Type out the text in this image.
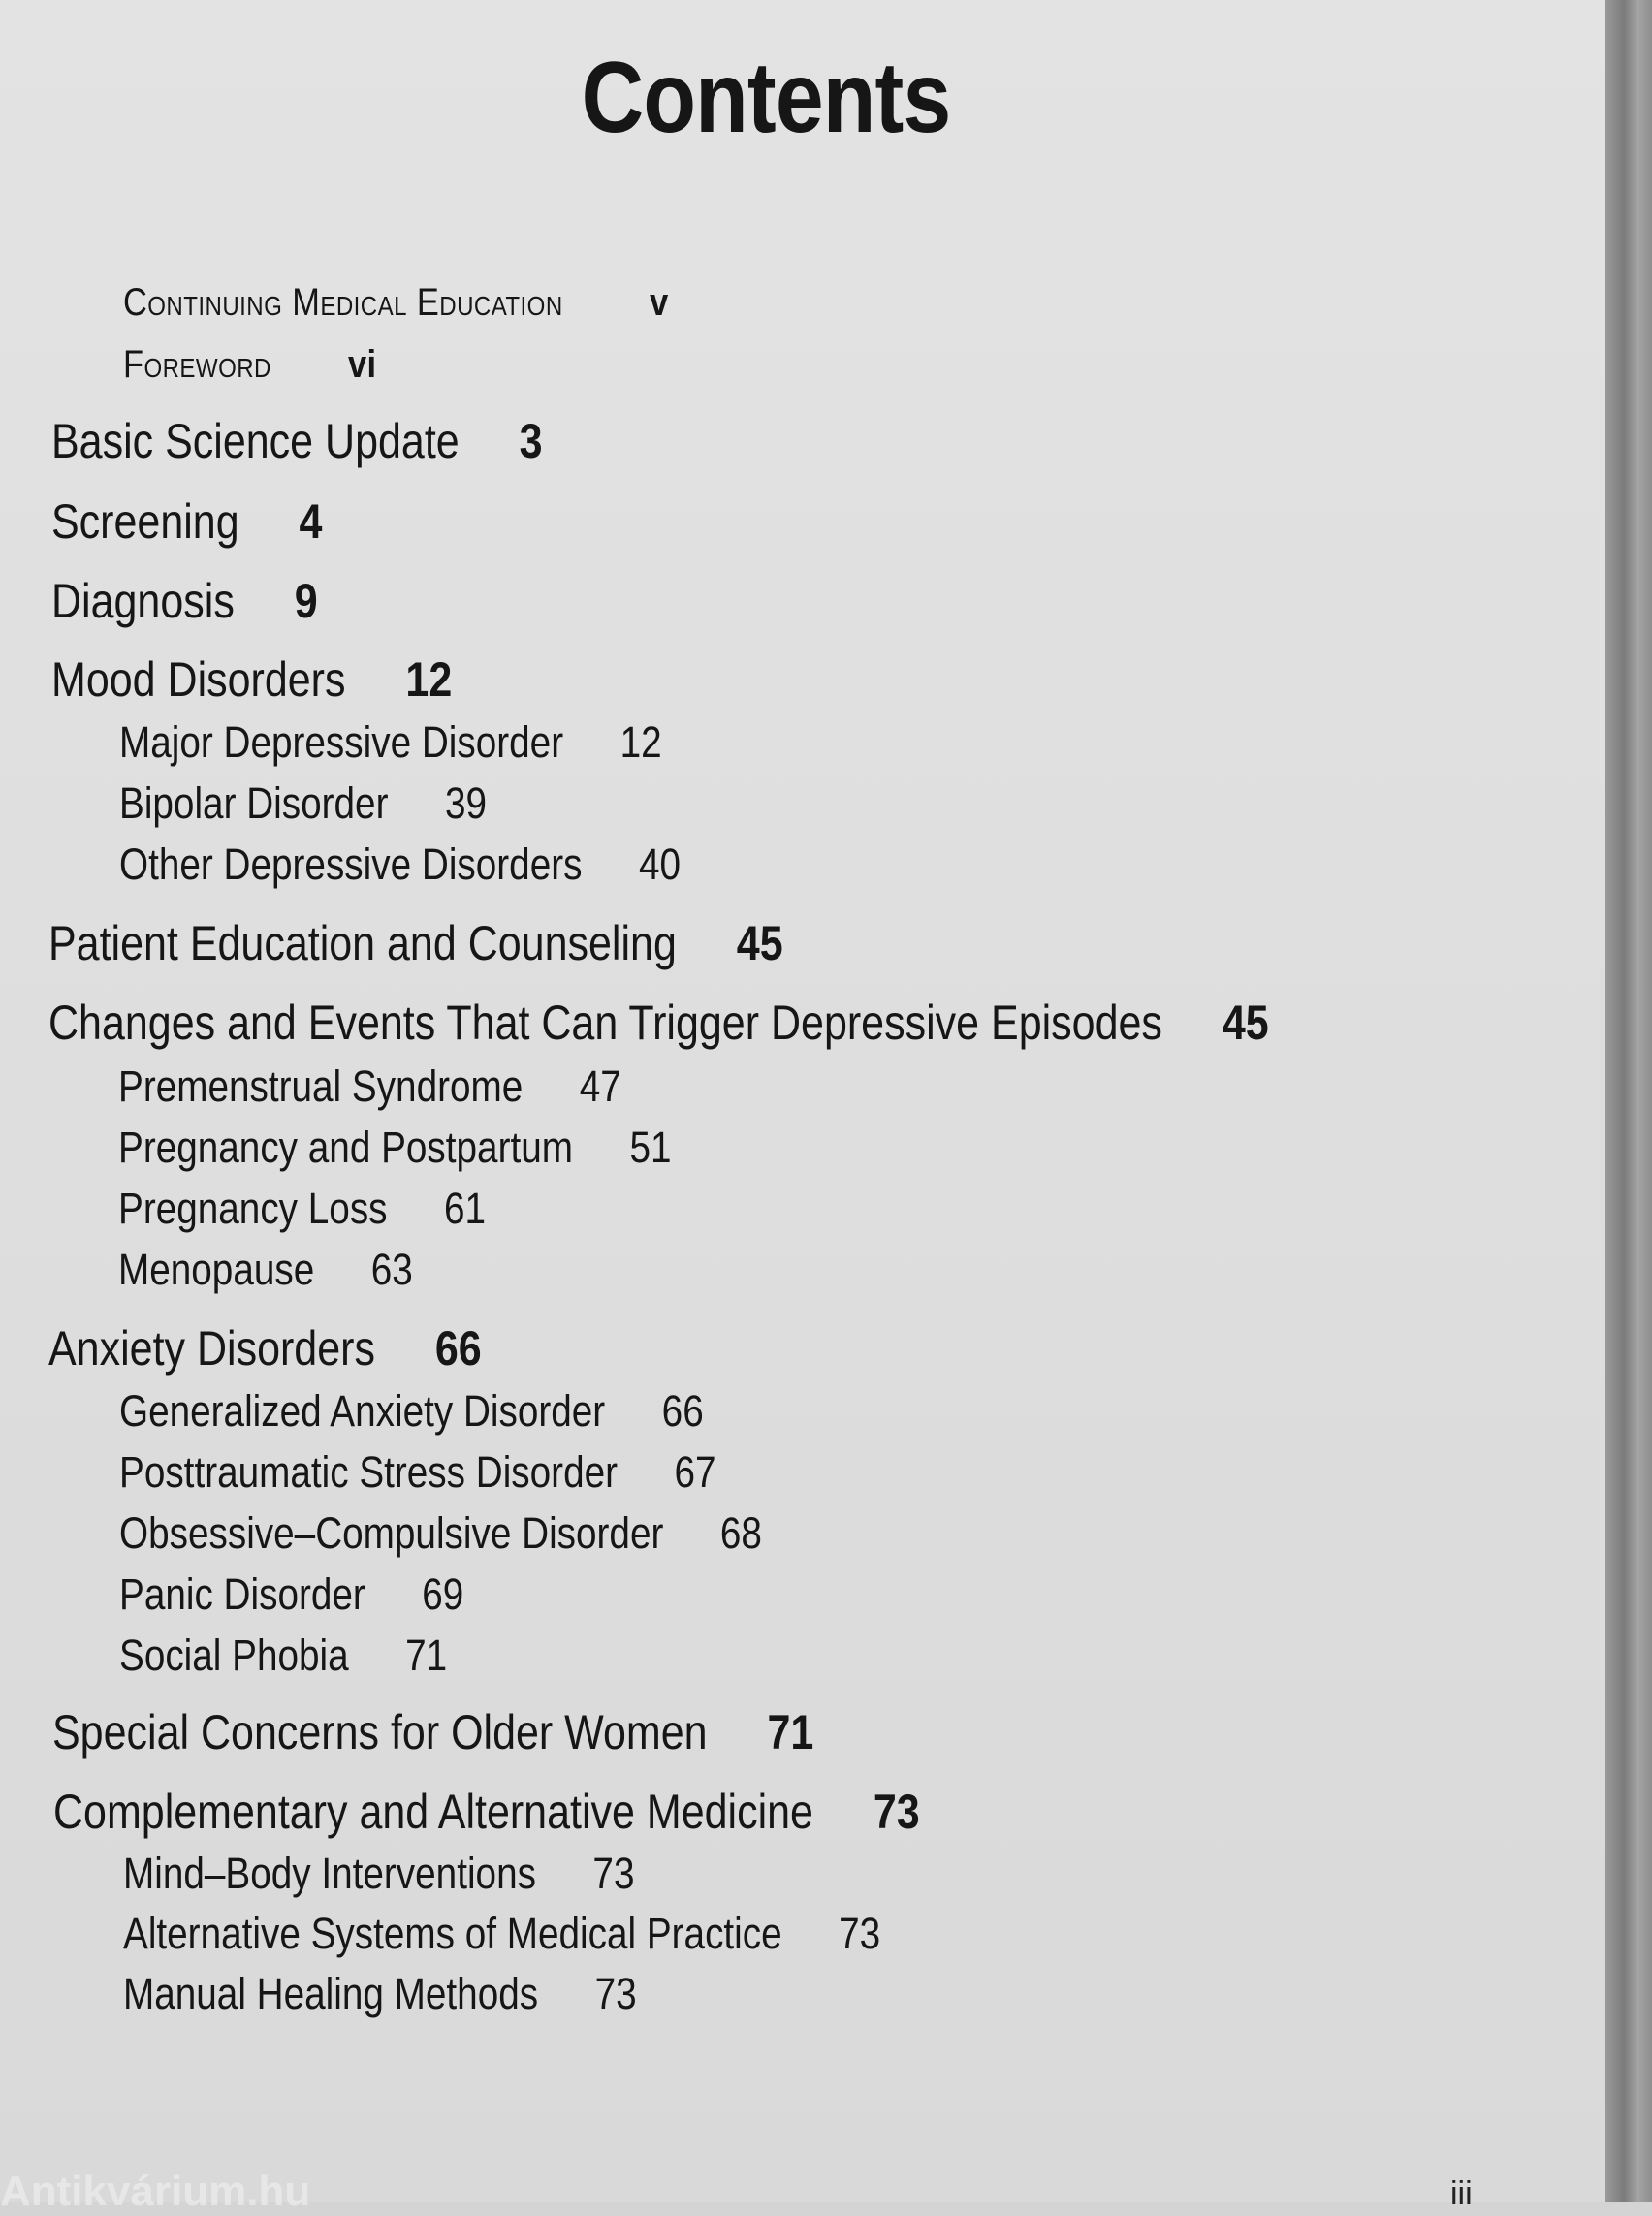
Contents
Continuing Medical Education v
Foreword vi
Basic Science Update 3
Screening 4
Diagnosis 9
Mood Disorders 12
Major Depressive Disorder 12
Bipolar Disorder 39
Other Depressive Disorders 40
Patient Education and Counseling 45
Changes and Events That Can Trigger Depressive Episodes 45
Premenstrual Syndrome 47
Pregnancy and Postpartum 51
Pregnancy Loss 61
Menopause 63
Anxiety Disorders 66
Generalized Anxiety Disorder 66
Posttraumatic Stress Disorder 67
Obsessive–Compulsive Disorder 68
Panic Disorder 69
Social Phobia 71
Special Concerns for Older Women 71
Complementary and Alternative Medicine 73
Mind–Body Interventions 73
Alternative Systems of Medical Practice 73
Manual Healing Methods 73
iii
Antikvárium.hu
